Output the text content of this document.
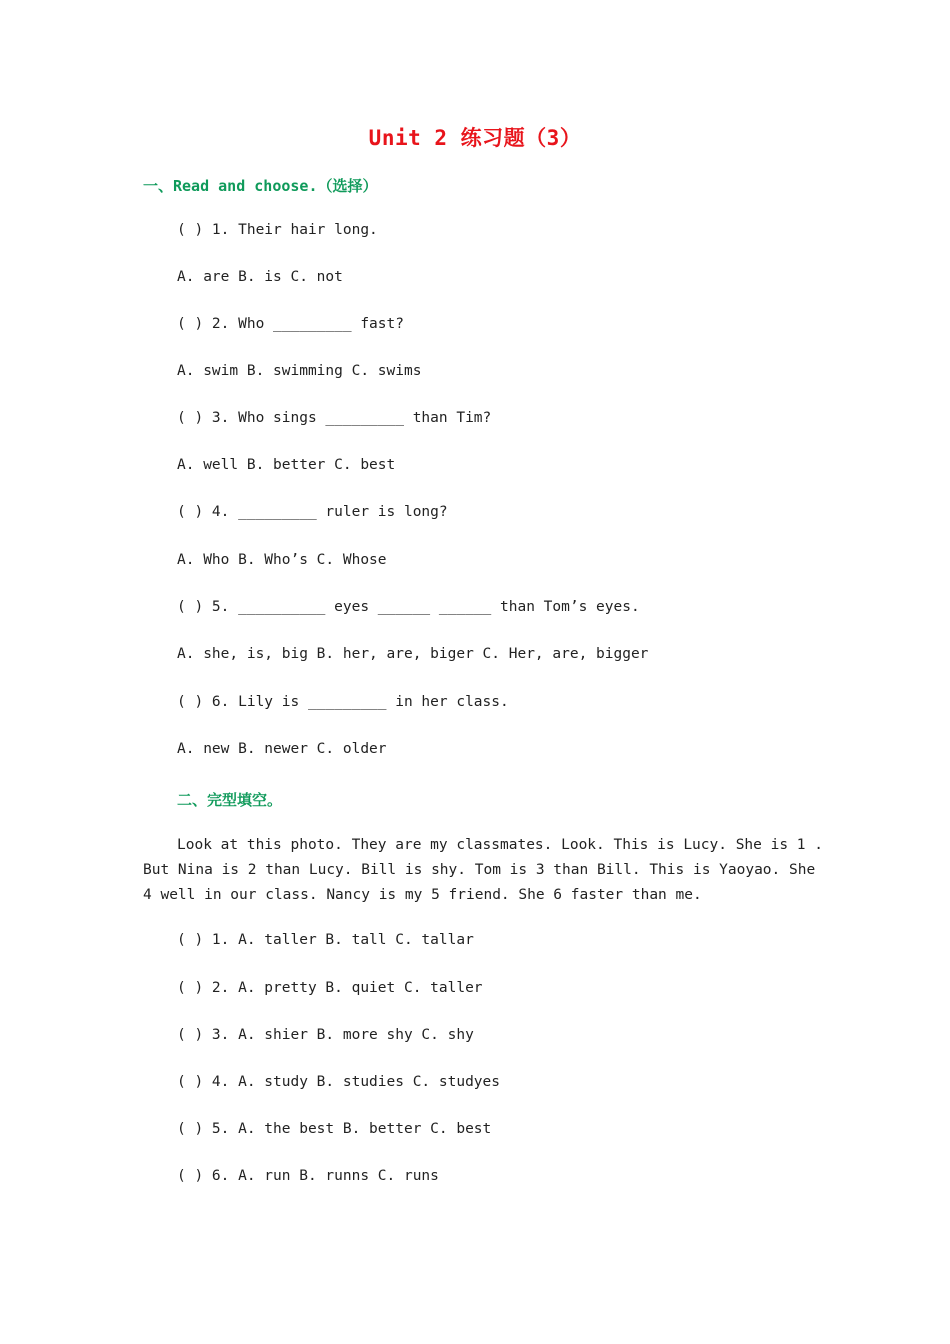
Unit 2 练习题（3）
一、Read and choose.（选择）
( ) 1. Their hair long.
A. are B. is C. not
( ) 2. Who _________ fast?
A. swim B. swimming C. swims
( ) 3. Who sings _________ than Tim?
A. well B. better C. best
( ) 4. _________ ruler is long?
A. Who B. Who’s C. Whose
( ) 5. __________ eyes ______ ______ than Tom’s eyes.
A. she, is, big B. her, are, biger C. Her, are, bigger
( ) 6. Lily is _________ in her class.
A. new B. newer C. older
二、完型填空。
Look at this photo. They are my classmates. Look. This is Lucy. She is 1 . But Nina is 2 than Lucy. Bill is shy. Tom is 3 than Bill. This is Yaoyao. She 4 well in our class. Nancy is my 5 friend. She 6 faster than me.
( ) 1. A. taller B. tall C. tallar
( ) 2. A. pretty B. quiet C. taller
( ) 3. A. shier B. more shy C. shy
( ) 4. A. study B. studies C. studyes
( ) 5. A. the best B. better C. best
( ) 6. A. run B. runns C. runs
